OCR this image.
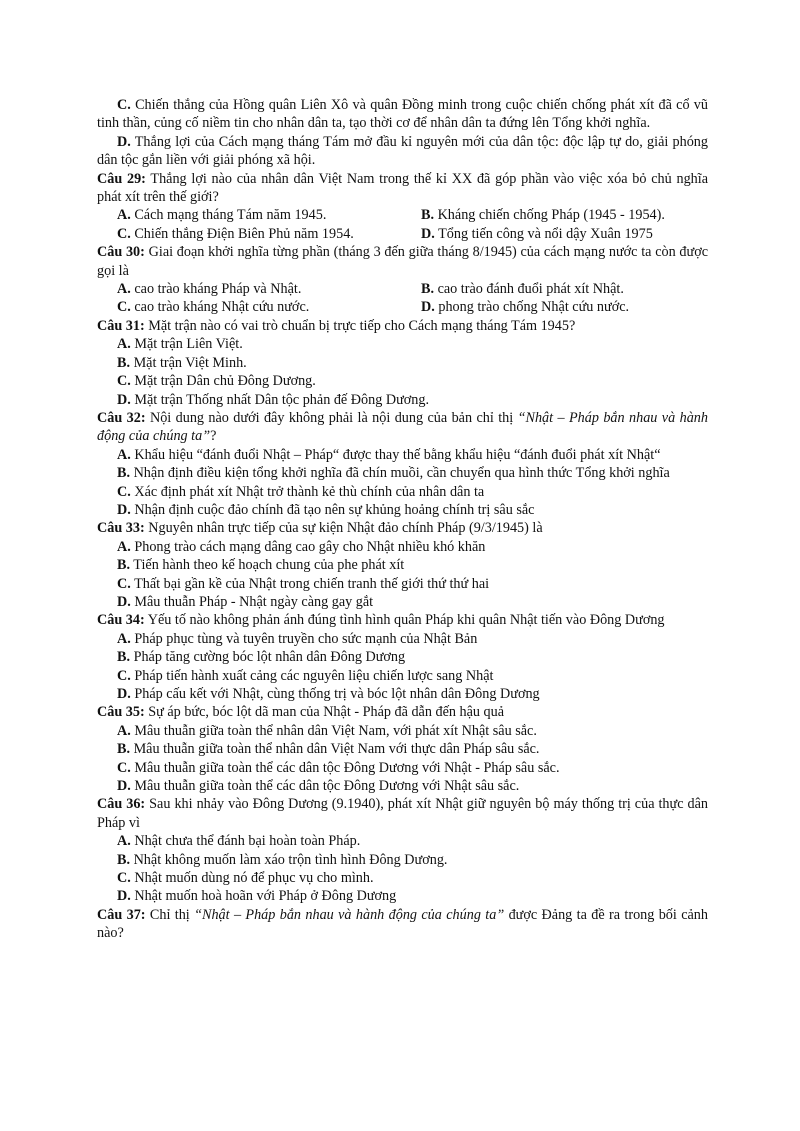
C. Chiến thắng của Hồng quân Liên Xô và quân Đồng minh trong cuộc chiến chống phát xít đã cổ vũ tinh thần, củng cố niềm tin cho nhân dân ta, tạo thời cơ để nhân dân ta đứng lên Tổng khởi nghĩa.
D. Thắng lợi của Cách mạng tháng Tám mở đầu kỉ nguyên mới của dân tộc: độc lập tự do, giải phóng dân tộc gắn liền với giải phóng xã hội.
Câu 29: Thắng lợi nào của nhân dân Việt Nam trong thế kỉ XX đã góp phần vào việc xóa bỏ chủ nghĩa phát xít trên thế giới?
A. Cách mạng tháng Tám năm 1945.	B. Kháng chiến chống Pháp (1945 - 1954).
C. Chiến thắng Điện Biên Phủ năm 1954.	D. Tổng tiến công và nổi dậy Xuân 1975
Câu 30: Giai đoạn khởi nghĩa từng phần (tháng 3 đến giữa tháng 8/1945) của cách mạng nước ta còn được gọi là
A. cao trào kháng Pháp và Nhật.	B. cao trào đánh đuổi phát xít Nhật.
C. cao trào kháng Nhật cứu nước.	D. phong trào chống Nhật cứu nước.
Câu 31: Mặt trận nào có vai trò chuẩn bị trực tiếp cho Cách mạng tháng Tám 1945?
A. Mặt trận Liên Việt.
B. Mặt trận Việt Minh.
C. Mặt trận Dân chủ Đông Dương.
D. Mặt trận Thống nhất Dân tộc phản đế Đông Dương.
Câu 32: Nội dung nào dưới đây không phải là nội dung của bản chỉ thị “Nhật – Pháp bắn nhau và hành động của chúng ta”?
A. Khẩu hiệu “đánh đuổi Nhật – Pháp“ được thay thế bằng khẩu hiệu “đánh đuổi phát xít Nhật“
B. Nhận định điều kiện tổng khởi nghĩa đã chín muồi, cần chuyển qua hình thức Tổng khởi nghĩa
C. Xác định phát xít Nhật trở thành kẻ thù chính của nhân dân ta
D. Nhận định cuộc đảo chính đã tạo nên sự khủng hoảng chính trị sâu sắc
Câu 33: Nguyên nhân trực tiếp của sự kiện Nhật đảo chính Pháp (9/3/1945) là
A. Phong trào cách mạng dâng cao gây cho Nhật nhiều khó khăn
B. Tiến hành theo kế hoạch chung của phe phát xít
C. Thất bại gần kề của Nhật trong chiến tranh thế giới thứ thứ hai
D. Mâu thuẫn Pháp - Nhật ngày càng gay gắt
Câu 34: Yếu tố nào không phản ánh đúng tình hình quân Pháp khi quân Nhật tiến vào Đông Dương
A. Pháp phục tùng và tuyên truyền cho sức mạnh của Nhật Bản
B. Pháp tăng cường bóc lột nhân dân Đông Dương
C. Pháp tiến hành xuất cảng các nguyên liệu chiến lược sang Nhật
D. Pháp cấu kết với Nhật, cùng thống trị và bóc lột nhân dân Đông Dương
Câu 35: Sự áp bức, bóc lột dã man của Nhật - Pháp đã dẫn đến hậu quả
A. Mâu thuẫn giữa toàn thể nhân dân Việt Nam, với phát xít Nhật sâu sắc.
B. Mâu thuẫn giữa toàn thể nhân dân Việt Nam với thực dân Pháp sâu sắc.
C. Mâu thuẫn giữa toàn thể các dân tộc Đông Dương với Nhật - Pháp sâu sắc.
D. Mâu thuẫn giữa toàn thể các dân tộc Đông Dương với Nhật sâu sắc.
Câu 36: Sau khi nhảy vào Đông Dương (9.1940), phát xít Nhật giữ nguyên bộ máy thống trị của thực dân Pháp vì
A. Nhật chưa thể đánh bại hoàn toàn Pháp.
B. Nhật không muốn làm xáo trộn tình hình Đông Dương.
C. Nhật muốn dùng nó để phục vụ cho mình.
D. Nhật muốn hoà hoãn với Pháp ở Đông Dương
Câu 37: Chỉ thị “Nhật – Pháp bắn nhau và hành động của chúng ta” được Đảng ta đề ra trong bối cảnh nào?
